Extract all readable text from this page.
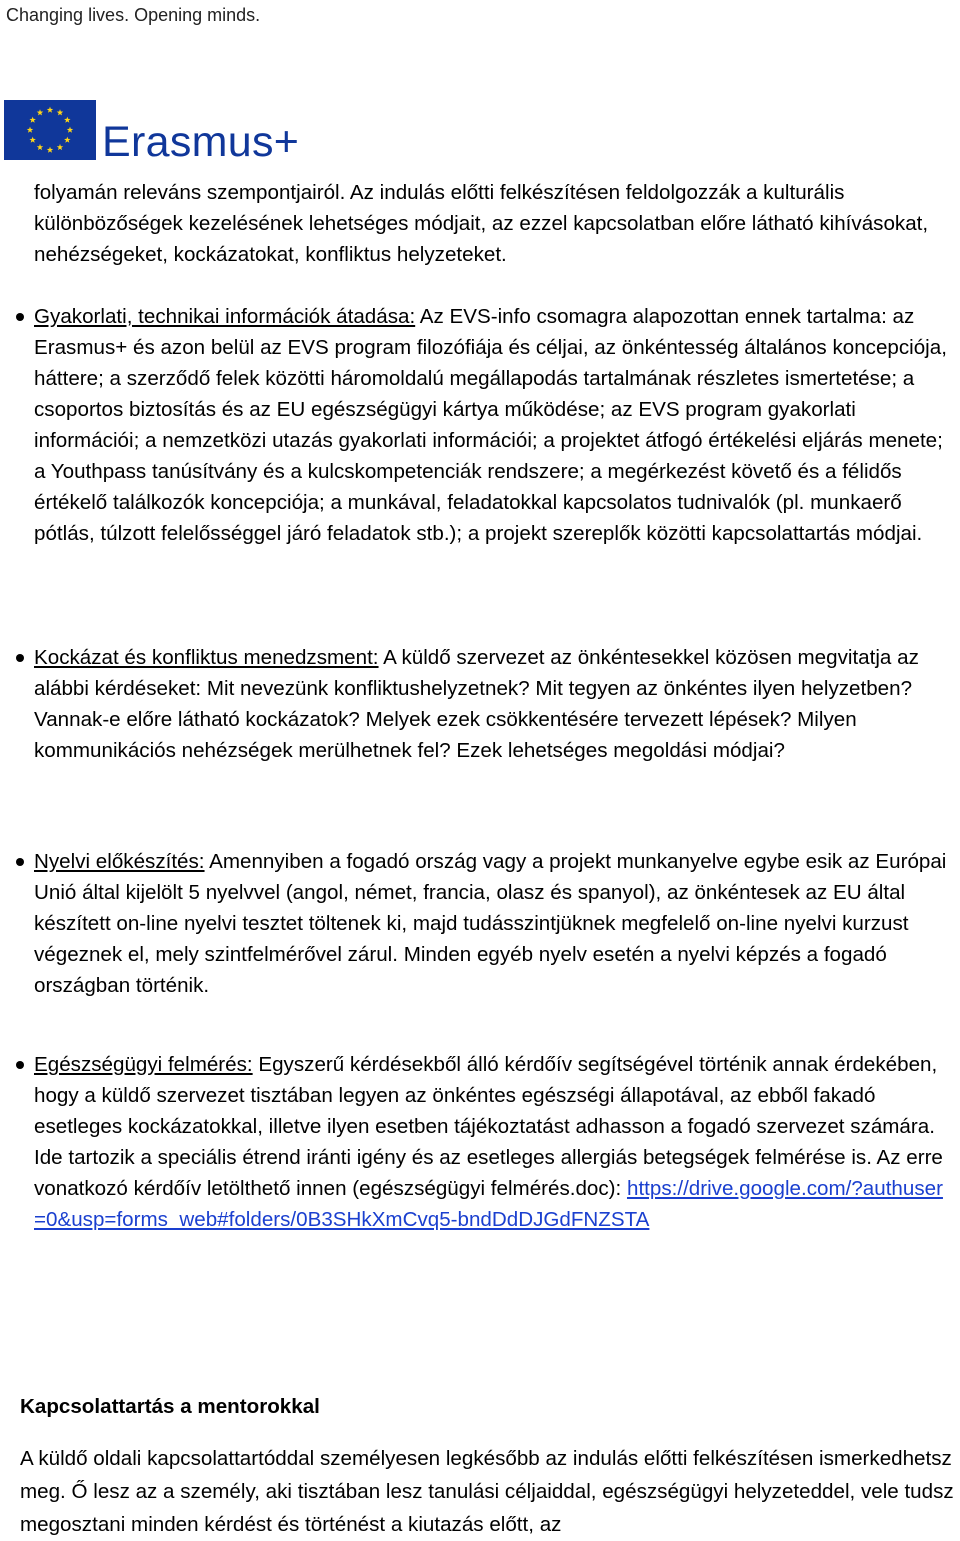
Changing lives. Opening minds.
Erasmus+
folyamán releváns szempontjairól. Az indulás előtti felkészítésen feldolgozzák a kulturális különbözőségek kezelésének lehetséges módjait, az ezzel kapcsolatban előre látható kihívásokat, nehézségeket, kockázatokat, konfliktus helyzeteket.
Gyakorlati, technikai információk átadása: Az EVS-info csomagra alapozottan ennek tartalma: az Erasmus+ és azon belül az EVS program filozófiája és céljai, az önkéntesség általános koncepciója, háttere; a szerződő felek közötti háromoldalú megállapodás tartalmának részletes ismertetése; a csoportos biztosítás és az EU egészségügyi kártya működése; az EVS program gyakorlati információi; a nemzetközi utazás gyakorlati információi; a projektet átfogó értékelési eljárás menete; a Youthpass tanúsítvány és a kulcskompetenciák rendszere; a megérkezést követő és a félidős értékelő találkozók koncepciója; a munkával, feladatokkal kapcsolatos tudnivalók (pl. munkaerő pótlás, túlzott felelősséggel járó feladatok stb.); a projekt szereplők közötti kapcsolattartás módjai.
Kockázat és konfliktus menedzsment: A küldő szervezet az önkéntesekkel közösen megvitatja az alábbi kérdéseket: Mit nevezünk konfliktushelyzetnek? Mit tegyen az önkéntes ilyen helyzetben? Vannak-e előre látható kockázatok? Melyek ezek csökkentésére tervezett lépések? Milyen kommunikációs nehézségek merülhetnek fel? Ezek lehetséges megoldási módjai?
Nyelvi előkészítés: Amennyiben a fogadó ország vagy a projekt munkanyelve egybe esik az Európai Unió által kijelölt 5 nyelvvel (angol, német, francia, olasz és spanyol), az önkéntesek az EU által készített on-line nyelvi tesztet töltenek ki, majd tudásszintjüknek megfelelő on-line nyelvi kurzust végeznek el, mely szintfelmérővel zárul. Minden egyéb nyelv esetén a nyelvi képzés a fogadó országban történik.
Egészségügyi felmérés: Egyszerű kérdésekből álló kérdőív segítségével történik annak érdekében, hogy a küldő szervezet tisztában legyen az önkéntes egészségi állapotával, az ebből fakadó esetleges kockázatokkal, illetve ilyen esetben tájékoztatást adhasson a fogadó szervezet számára. Ide tartozik a speciális étrend iránti igény és az esetleges allergiás betegségek felmérése is. Az erre vonatkozó kérdőív letölthető innen (egészségügyi felmérés.doc): https://drive.google.com/?authuser=0&usp=forms_web#folders/0B3SHkXmCvq5-bndDdDJGdFNZSTA
Kapcsolattartás a mentorokkal
A küldő oldali kapcsolattartóddal személyesen legkésőbb az indulás előtti felkészítésen ismerkedhetsz meg. Ő lesz az a személy, aki tisztában lesz tanulási céljaiddal, egészségügyi helyzeteddel, vele tudsz megosztani minden kérdést és történést a kiutazás előtt, az
